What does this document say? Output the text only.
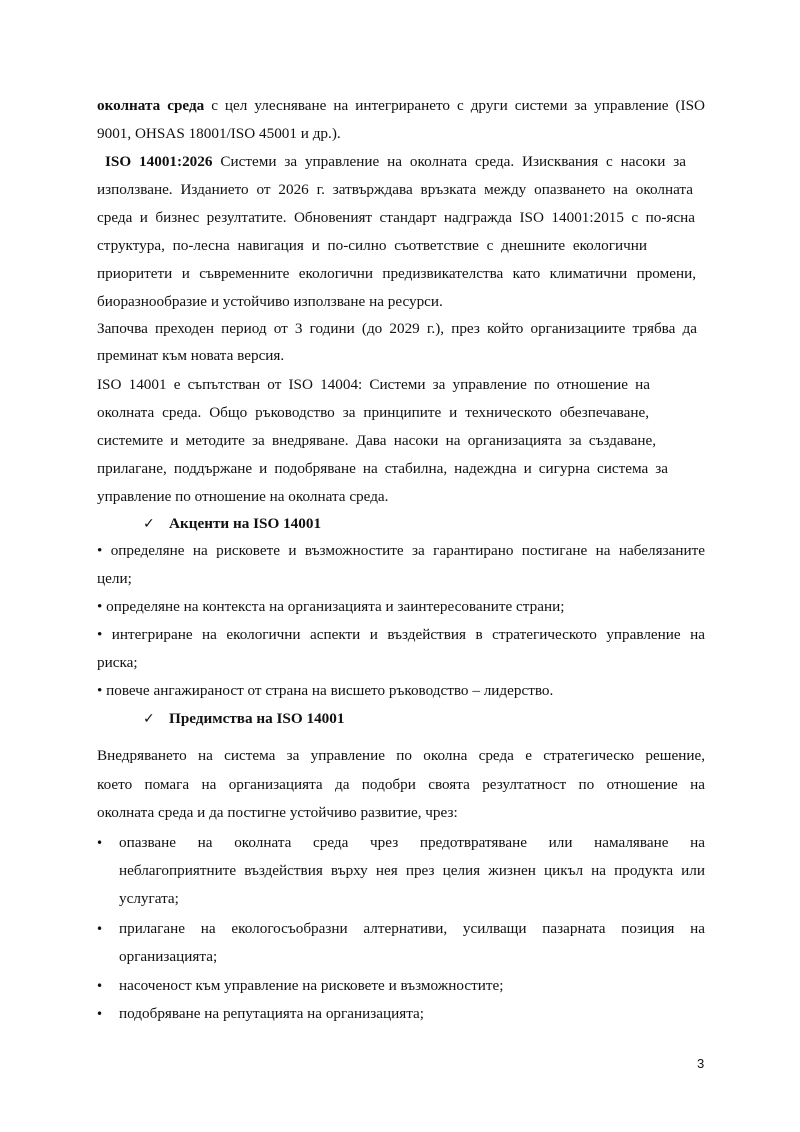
околната среда с цел улесняване на интегрирането с други системи за управление (ISO
9001, OHSAS 18001/ISO 45001 и др.).
ISO 14001:2026 Системи за управление на околната среда. Изисквания с насоки за
използване. Изданието от 2026 г. затвърждава връзката между опазването на околната
среда и бизнес резултатите. Обновеният стандарт надгражда ISO 14001:2015 с по-ясна
структура, по-лесна навигация и по-силно съответствие с днешните екологични
приоритети и съвременните екологични предизвикателства като климатични промени,
биоразнообразие и устойчиво използване на ресурси.
Започва преходен период от 3 години (до 2029 г.), през който организациите трябва да
преминат към новата версия.
ISO 14001 е съпътстван от ISO 14004: Системи за управление по отношение на
околната среда. Общо ръководство за принципите и техническото обезпечаване,
системите и методите за внедряване. Дава насоки на организацията за създаване,
прилагане, поддържане и подобряване на стабилна, надеждна и сигурна система за
управление по отношение на околната среда.
✓ Акценти на ISO 14001
• определяне на рисковете и възможностите за гарантирано постигане на набелязаните
цели;
• определяне на контекста на организацията и заинтересованите страни;
• интегриране на екологични аспекти и въздействия в стратегическото управление на
риска;
• повече ангажираност от страна на висшето ръководство – лидерство.
✓ Предимства на ISO 14001
Внедряването на система за управление по околна среда е стратегическо решение,
което помага на организацията да подобри своята резултатност по отношение на
околната среда и да постигне устойчиво развитие, чрез:
• опазване на околната среда чрез предотвратяване или намаляване на
неблагоприятните въздействия върху нея през целия жизнен цикъл на продукта или
услугата;
• прилагане на екологосъобразни алтернативи, усилващи пазарната позиция на
организацията;
• насоченост към управление на рисковете и възможностите;
• подобряване на репутацията на организацията;
3
